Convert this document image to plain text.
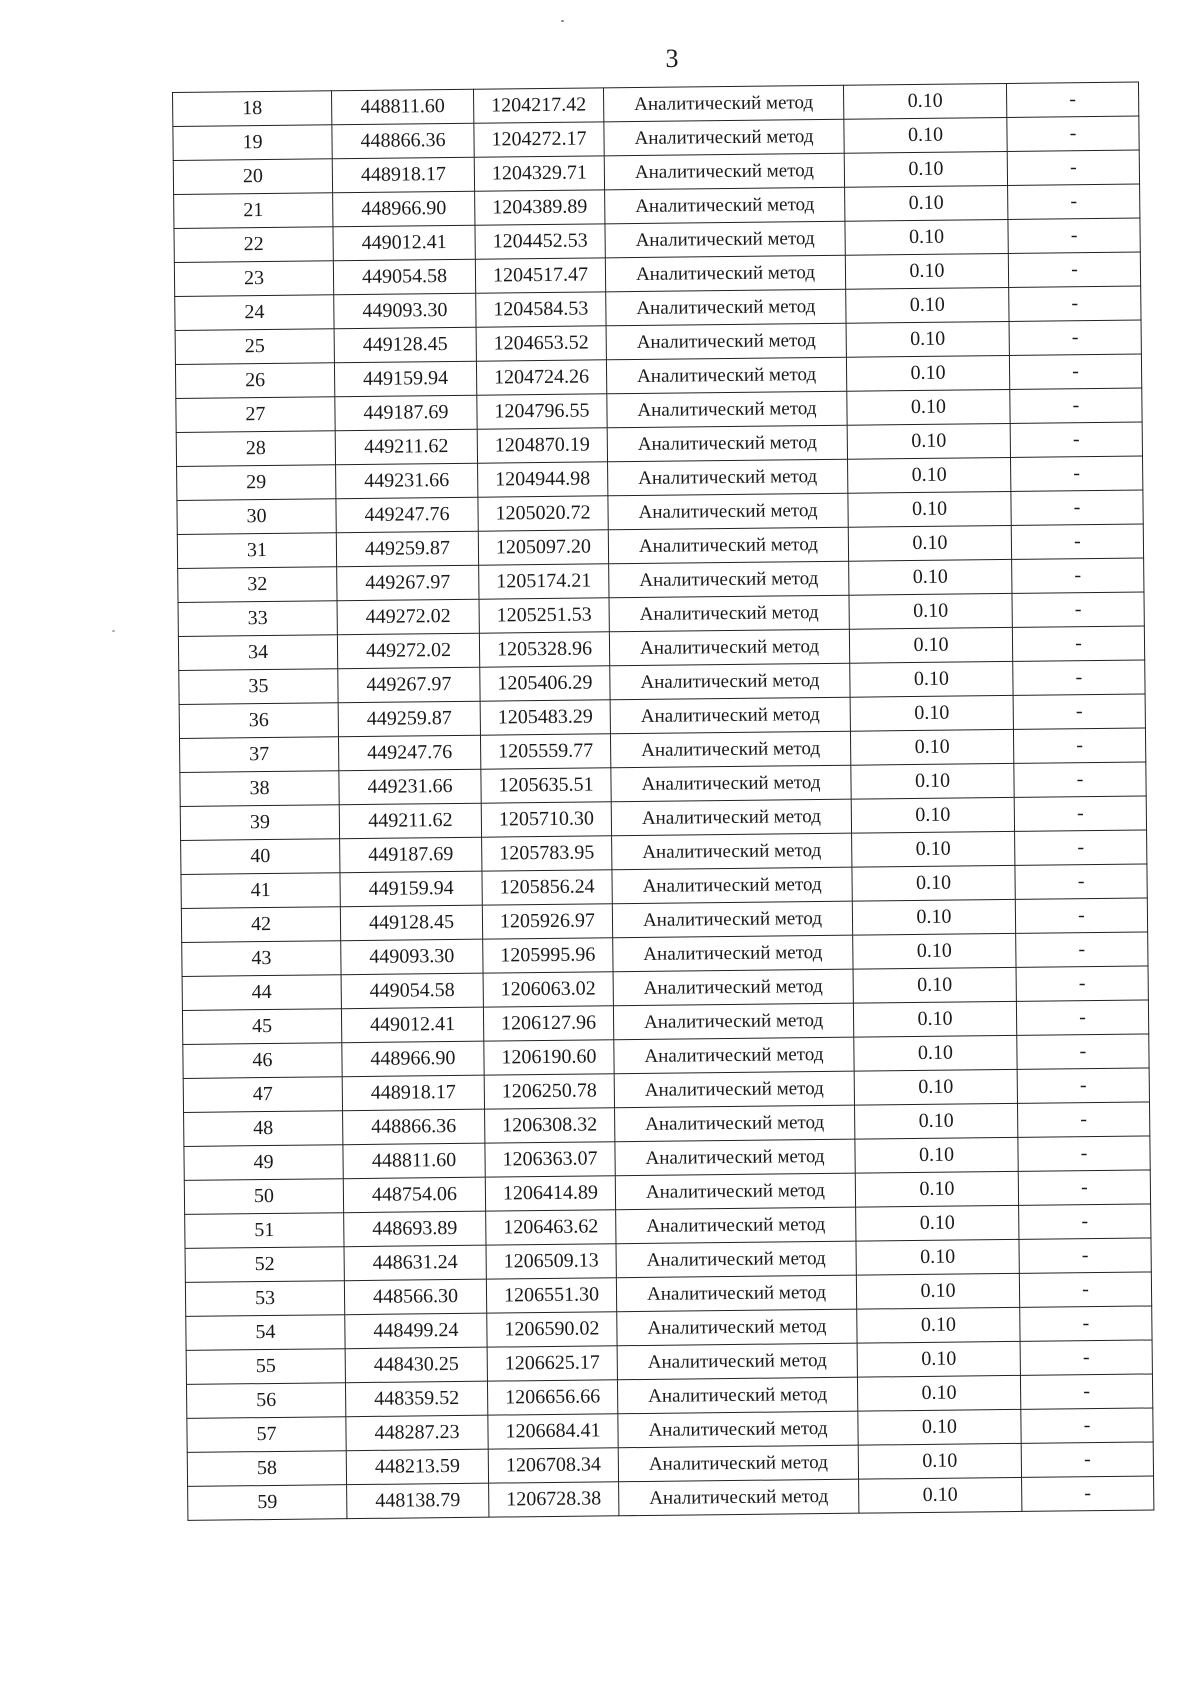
3
18	448811.60	1204217.42	Аналитический метод	0.10	-
19	448866.36	1204272.17	Аналитический метод	0.10	-
20	448918.17	1204329.71	Аналитический метод	0.10	-
21	448966.90	1204389.89	Аналитический метод	0.10	-
22	449012.41	1204452.53	Аналитический метод	0.10	-
23	449054.58	1204517.47	Аналитический метод	0.10	-
24	449093.30	1204584.53	Аналитический метод	0.10	-
25	449128.45	1204653.52	Аналитический метод	0.10	-
26	449159.94	1204724.26	Аналитический метод	0.10	-
27	449187.69	1204796.55	Аналитический метод	0.10	-
28	449211.62	1204870.19	Аналитический метод	0.10	-
29	449231.66	1204944.98	Аналитический метод	0.10	-
30	449247.76	1205020.72	Аналитический метод	0.10	-
31	449259.87	1205097.20	Аналитический метод	0.10	-
32	449267.97	1205174.21	Аналитический метод	0.10	-
33	449272.02	1205251.53	Аналитический метод	0.10	-
34	449272.02	1205328.96	Аналитический метод	0.10	-
35	449267.97	1205406.29	Аналитический метод	0.10	-
36	449259.87	1205483.29	Аналитический метод	0.10	-
37	449247.76	1205559.77	Аналитический метод	0.10	-
38	449231.66	1205635.51	Аналитический метод	0.10	-
39	449211.62	1205710.30	Аналитический метод	0.10	-
40	449187.69	1205783.95	Аналитический метод	0.10	-
41	449159.94	1205856.24	Аналитический метод	0.10	-
42	449128.45	1205926.97	Аналитический метод	0.10	-
43	449093.30	1205995.96	Аналитический метод	0.10	-
44	449054.58	1206063.02	Аналитический метод	0.10	-
45	449012.41	1206127.96	Аналитический метод	0.10	-
46	448966.90	1206190.60	Аналитический метод	0.10	-
47	448918.17	1206250.78	Аналитический метод	0.10	-
48	448866.36	1206308.32	Аналитический метод	0.10	-
49	448811.60	1206363.07	Аналитический метод	0.10	-
50	448754.06	1206414.89	Аналитический метод	0.10	-
51	448693.89	1206463.62	Аналитический метод	0.10	-
52	448631.24	1206509.13	Аналитический метод	0.10	-
53	448566.30	1206551.30	Аналитический метод	0.10	-
54	448499.24	1206590.02	Аналитический метод	0.10	-
55	448430.25	1206625.17	Аналитический метод	0.10	-
56	448359.52	1206656.66	Аналитический метод	0.10	-
57	448287.23	1206684.41	Аналитический метод	0.10	-
58	448213.59	1206708.34	Аналитический метод	0.10	-
59	448138.79	1206728.38	Аналитический метод	0.10	-
